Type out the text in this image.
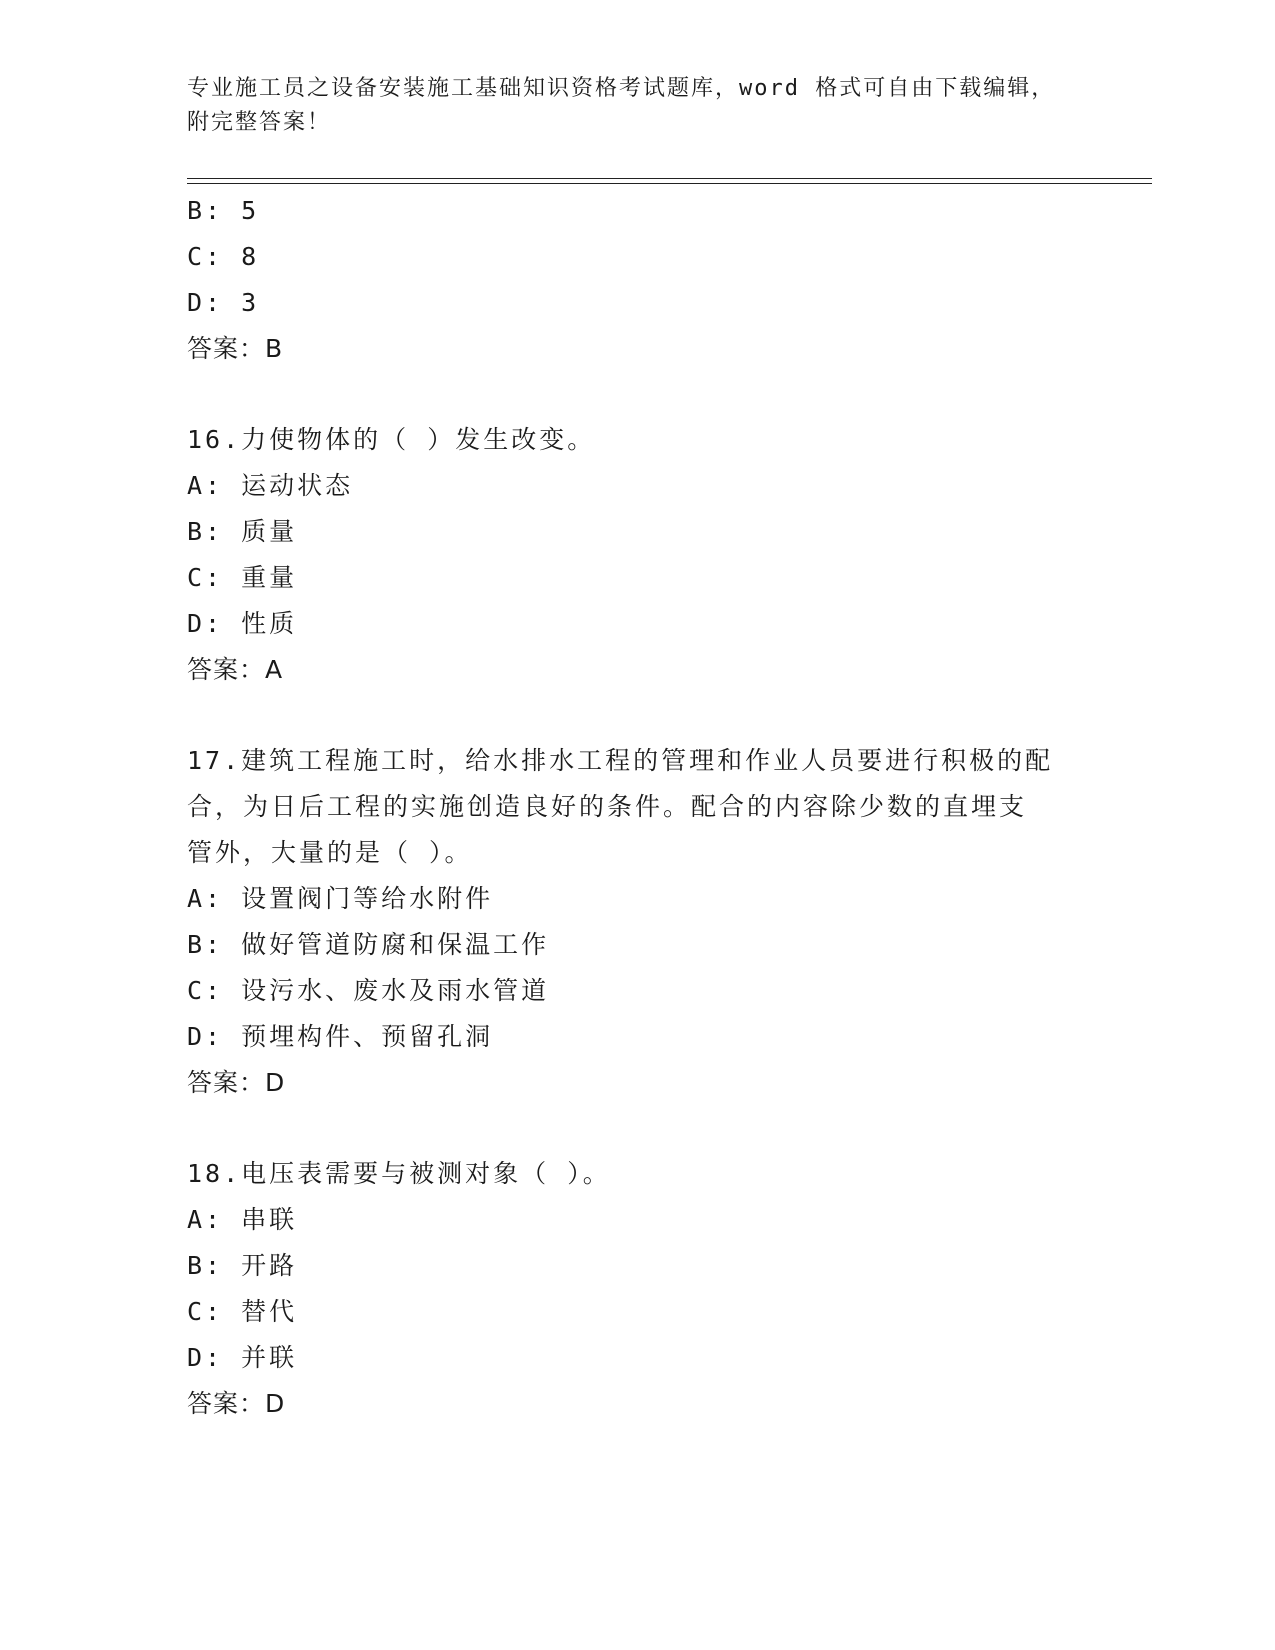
专业施工员之设备安装施工基础知识资格考试题库，word 格式可自由下载编辑，
附完整答案！
B: 5
C: 8
D: 3
答案：B
16.力使物体的（ ）发生改变。
A: 运动状态
B: 质量
C: 重量
D: 性质
答案：A
17.建筑工程施工时，给水排水工程的管理和作业人员要进行积极的配
合，为日后工程的实施创造良好的条件。配合的内容除少数的直埋支
管外，大量的是（ ）。
A: 设置阀门等给水附件
B: 做好管道防腐和保温工作
C: 设污水、废水及雨水管道
D: 预埋构件、预留孔洞
答案：D
18.电压表需要与被测对象（ ）。
A: 串联
B: 开路
C: 替代
D: 并联
答案：D
